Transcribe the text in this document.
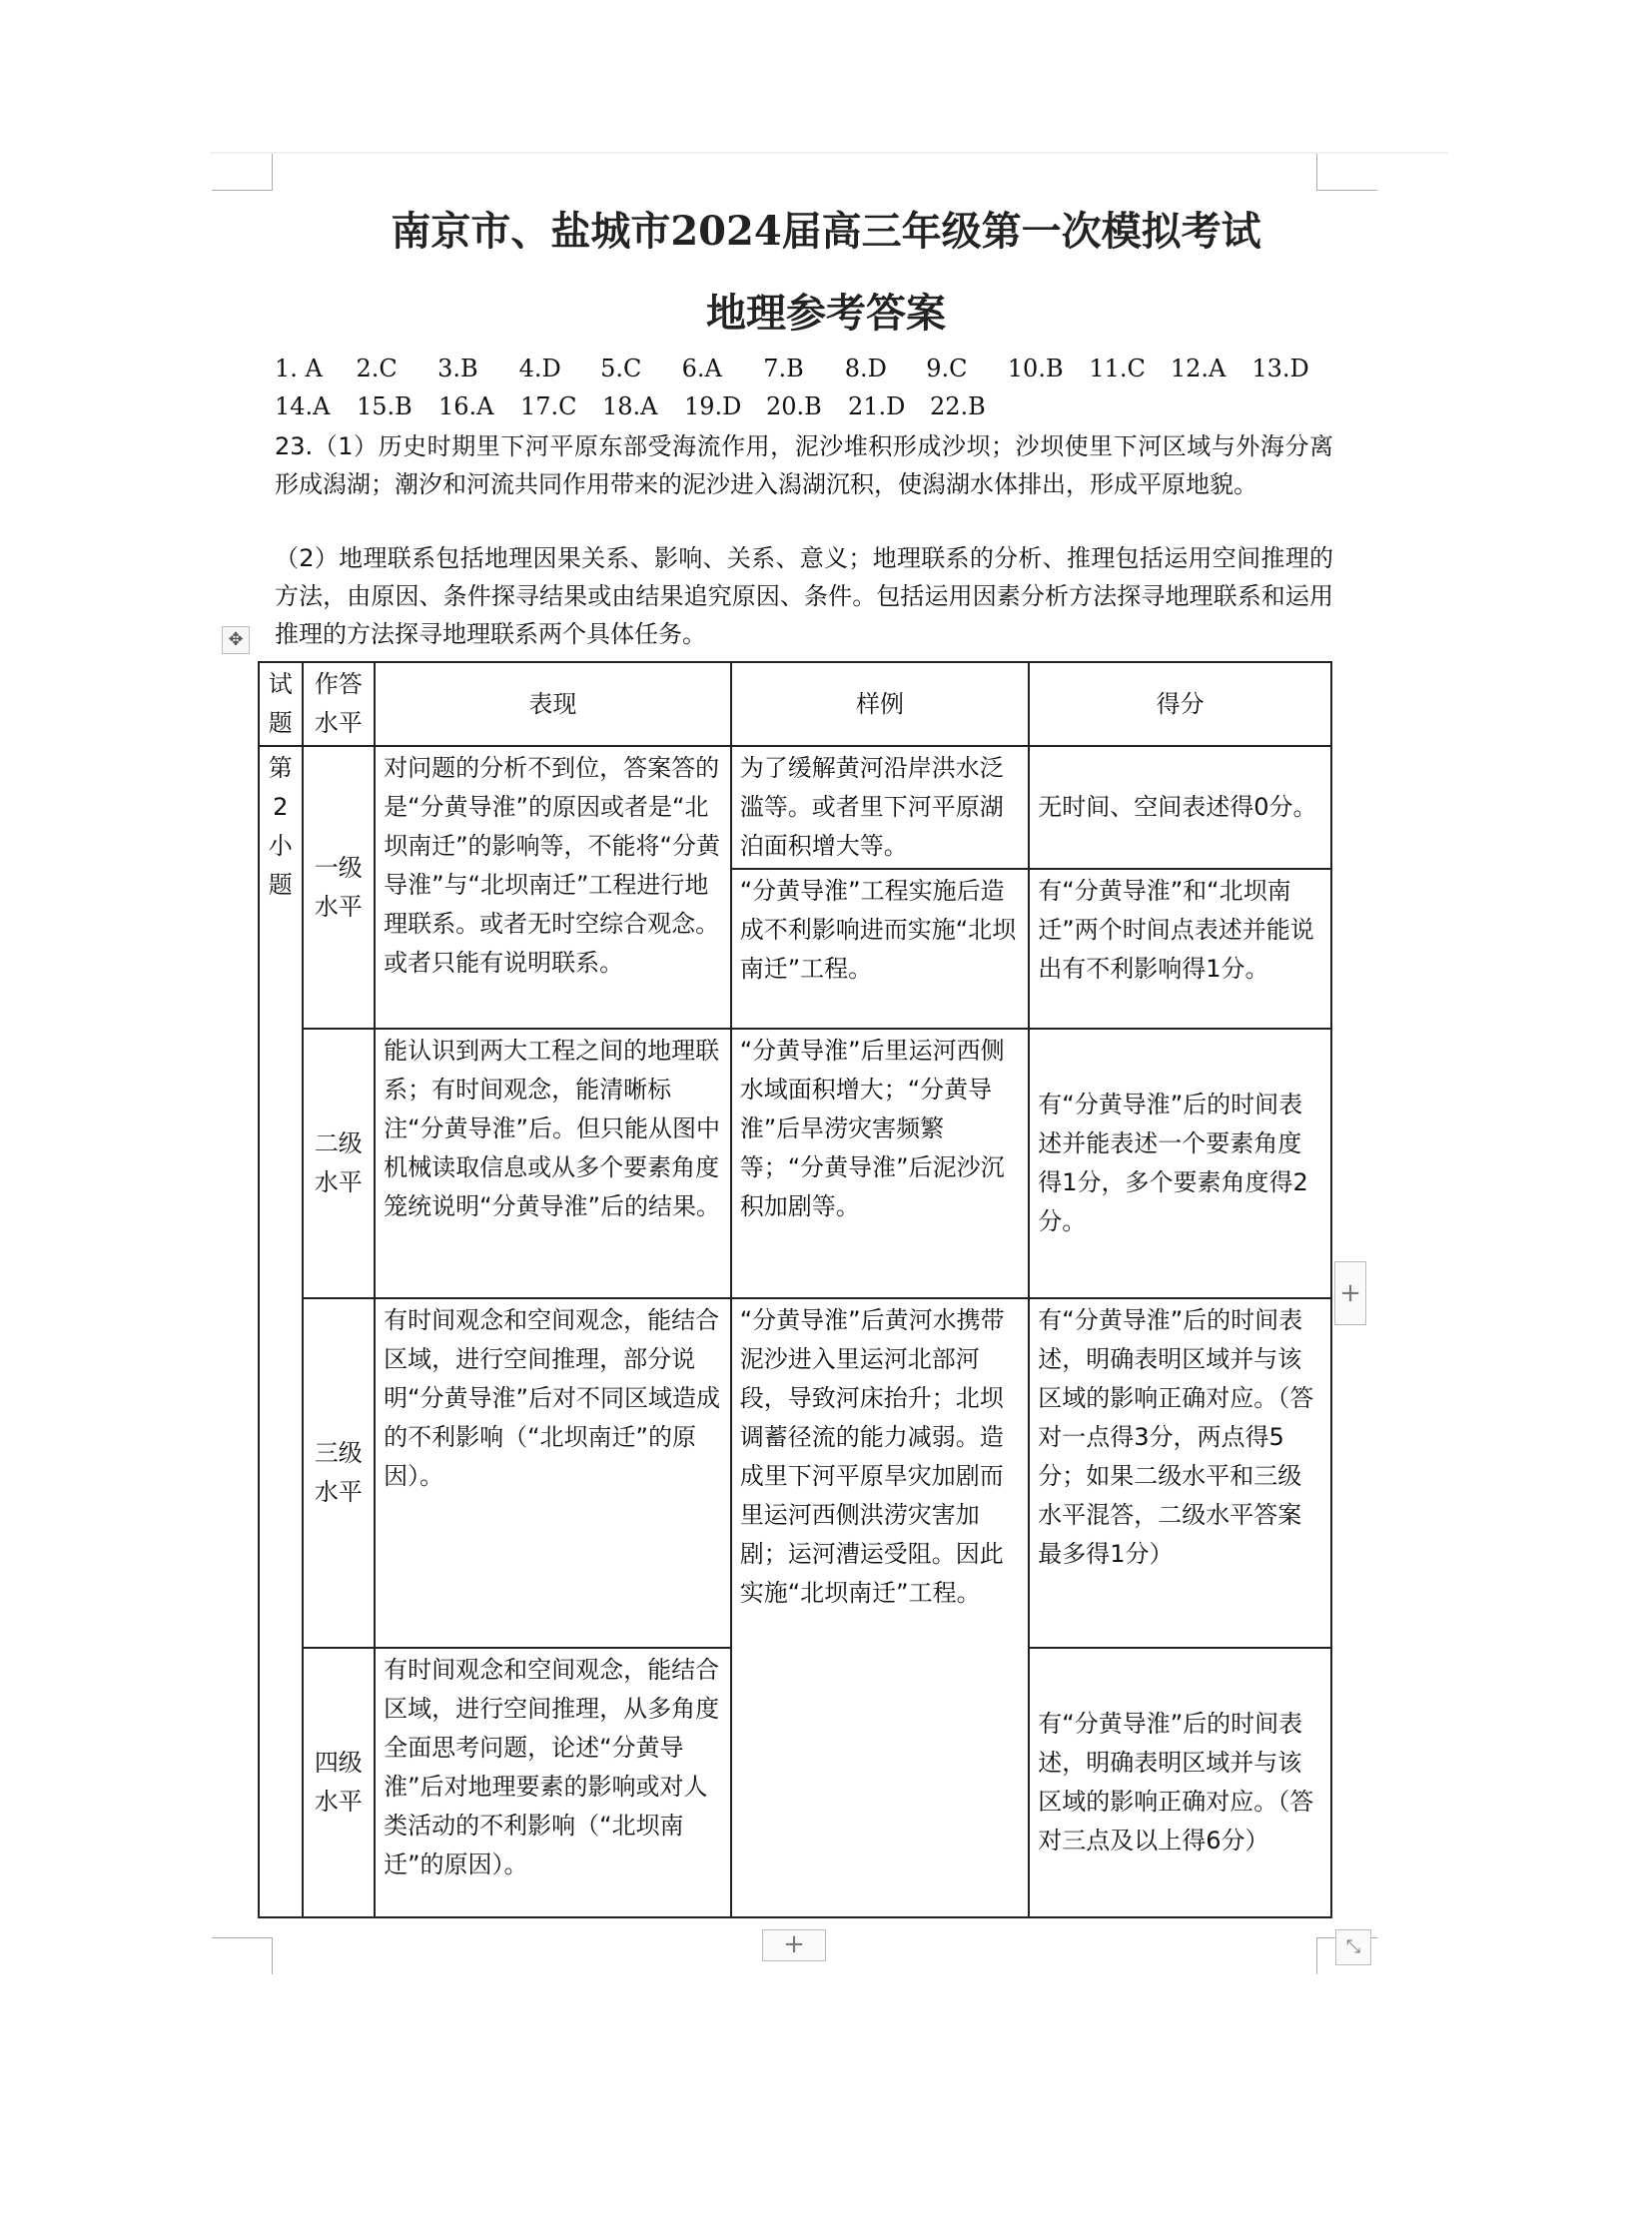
南京市、盐城市2024届高三年级第一次模拟考试
地理参考答案
1. A	2.C	3.B	4.D	5.C	6.A	7.B	8.D	9.C	10.B	11.C	12.A	13.D
14.A	15.B	16.A	17.C	18.A	19.D	20.B	21.D	22.B
23.（1）历史时期里下河平原东部受海流作用，泥沙堆积形成沙坝；沙坝使里下河区域与外海分离形成潟湖；潮汐和河流共同作用带来的泥沙进入潟湖沉积，使潟湖水体排出，形成平原地貌。
（2）地理联系包括地理因果关系、影响、关系、意义；地理联系的分析、推理包括运用空间推理的方法，由原因、条件探寻结果或由结果追究原因、条件。包括运用因素分析方法探寻地理联系和运用推理的方法探寻地理联系两个具体任务。
✥
试题	作答水平	表现	样例	得分

第2小题	一级水平	对问题的分析不到位，答案答的是“分黄导淮”的原因或者是“北坝南迁”的影响等，不能将“分黄导淮”与“北坝南迁”工程进行地理联系。或者无时空综合观念。或者只能有说明联系。	为了缓解黄河沿岸洪水泛滥等。或者里下河平原湖泊面积增大等。	无时间、空间表述得0分。
			“分黄导淮”工程实施后造成不利影响进而实施“北坝南迁”工程。	有“分黄导淮”和“北坝南迁”两个时间点表述并能说出有不利影响得1分。
	二级水平	能认识到两大工程之间的地理联系；有时间观念，能清晰标注“分黄导淮”后。但只能从图中机械读取信息或从多个要素角度笼统说明“分黄导淮”后的结果。	“分黄导淮”后里运河西侧水域面积增大；“分黄导淮”后旱涝灾害频繁等；“分黄导淮”后泥沙沉积加剧等。	有“分黄导淮”后的时间表述并能表述一个要素角度得1分，多个要素角度得2分。
	三级水平	有时间观念和空间观念，能结合区域，进行空间推理，部分说明“分黄导淮”后对不同区域造成的不利影响（“北坝南迁”的原因）。	“分黄导淮”后黄河水携带泥沙进入里运河北部河段，导致河床抬升；北坝调蓄径流的能力减弱。造成里下河平原旱灾加剧而里运河西侧洪涝灾害加剧；运河漕运受阻。因此实施“北坝南迁”工程。	有“分黄导淮”后的时间表述，明确表明区域并与该区域的影响正确对应。（答对一点得3分，两点得5分；如果二级水平和三级水平混答，二级水平答案最多得1分）
	四级水平	有时间观念和空间观念，能结合区域，进行空间推理，从多角度全面思考问题，论述“分黄导淮”后对地理要素的影响或对人类活动的不利影响（“北坝南迁”的原因）。		有“分黄导淮”后的时间表述，明确表明区域并与该区域的影响正确对应。（答对三点及以上得6分）
+
+	⤡
